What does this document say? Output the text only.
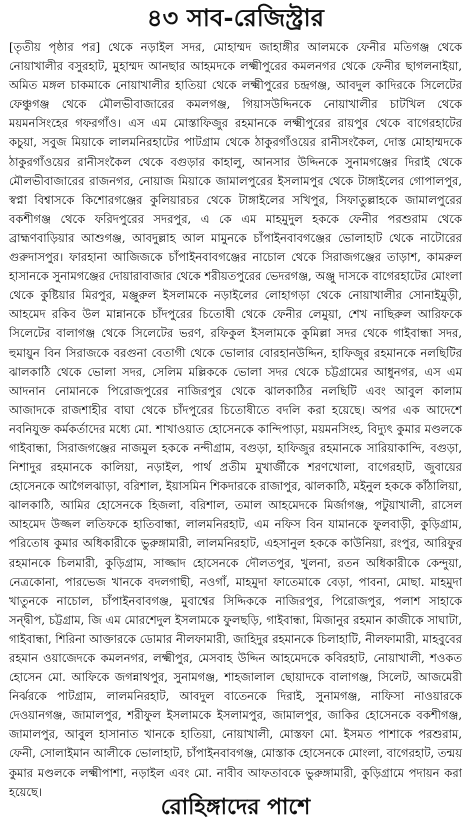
৪৩ সাব-রেজিস্ট্রার

[তৃতীয় পৃষ্ঠার পর] থেকে নড়াইল সদর, মোহাম্মদ জাহাঙ্গীর আলমকে ফেনীর মতিগঞ্জ থেকে নোয়াখালীর বসুরহাট, মুহাম্মদ আনছার আহমদকে লক্ষ্মীপুরের কমলনগর থেকে ফেনীর ছাগলনাইয়া, অমিত মঙ্গল চাকমাকে নোয়াখালীর হাতিয়া থেকে লক্ষ্মীপুরের চন্দ্রগঞ্জ, আবদুল কাদিরকে সিলেটের ফেঞ্চুগঞ্জ থেকে মৌলভীবাজারের কমলগঞ্জ, গিয়াসউদ্দিনকে নোয়াখালীর চাটখিল থেকে ময়মনসিংহের গফরগাঁও। এস এম মোস্তাফিজুর রহমানকে লক্ষ্মীপুরের রায়পুর থেকে বাগেরহাটের কচুয়া, সবুজ মিয়াকে লালমনিরহাটের পাটগ্রাম থেকে ঠাকুরগাঁওয়ের রানীসংকৈল, দোস্ত মোহাম্মদকে ঠাকুরগাঁওয়ের রানীসংকৈল থেকে বগুড়ার কাহালু, আনসার উদ্দিনকে সুনামগঞ্জের দিরাই থেকে মৌলভীবাজারের রাজনগর, নোয়াজ মিয়াকে জামালপুরের ইসলামপুর থেকে টাঙ্গাইলের গোপালপুর, স্বপ্না বিশ্বাসকে কিশোরগঞ্জের কুলিয়ারচর থেকে টাঙ্গাইলের সখিপুর, সিফাতুল্লাহকে জামালপুরের বকশীগঞ্জ থেকে ফরিদপুরের সদরপুর, এ কে এম মাহমুদুল হককে ফেনীর পরশুরাম থেকে ব্রাহ্মণবাড়িয়ার আশুগঞ্জ, আবদুল্লাহ আল মামুনকে চাঁপাইনবাবগঞ্জের ভোলাহাট থেকে নাটোরের গুরুদাসপুর। ফারহানা আজিজকে চাঁপাইনবাবগঞ্জের নাচোল থেকে সিরাজগঞ্জের তাড়াশ, কামরুল হাসানকে সুনামগঞ্জের দোয়ারাবাজার থেকে শরীয়তপুরের ভেদরগঞ্জ, অঞ্জু দাসকে বাগেরহাটের মোংলা থেকে কুষ্টিয়ার মিরপুর, মঞ্জুরুল ইসলামকে নড়াইলের লোহাগড়া থেকে নোয়াখালীর সোনাইমুড়ী, আহমেদ রকিব উল মান্নানকে চাঁদপুরের চিতোষী থেকে ফেনীর লেমুয়া, শেখ নাছিরুল আরিফকে সিলেটের বালাগঞ্জ থেকে সিলেটের ভরণ, রফিকুল ইসলামকে কুমিল্লা সদর থেকে গাইবান্ধা সদর, হুমায়ুন বিন সিরাজকে বরগুনা বেতাগী থেকে ভোলার বোরহানউদ্দিন, হাফিজুর রহমানকে নলছিটির ঝালকাঠি থেকে ভোলা সদর, সেলিম মল্লিককে ভোলা সদর থেকে চট্টগ্রামের আধুনগর, এস এম আদনান নোমানকে পিরোজপুরের নাজিরপুর থেকে ঝালকাঠির নলছিটি এবং আবুল কালাম আজাদকে রাজশাহীর বাঘা থেকে চাঁদপুরের চিতোষীতে বদলি করা হয়েছে। অপর এক আদেশে নবনিযুক্ত কর্মকর্তাদের মধ্যে মো. শাখাওয়াত হোসেনকে কান্দিপাড়া, ময়মনসিংহ, বিদ্যুৎ কুমার মণ্ডলকে গাইবান্ধা, সিরাজগঞ্জের নাজমুল হককে নন্দীগ্রাম, বগুড়া, হাফিজুর রহমানকে সারিয়াকান্দি, বগুড়া, নিশাদুর রহমানকে কালিয়া, নড়াইল, পার্থ প্রতীম মুখার্জীকে শরণখোলা, বাগেরহাট, জুবায়ের হোসেনকে আগৈলঝাড়া, বরিশাল, ইয়াসমিন শিকদারকে রাজাপুর, ঝালকাঠি, মইনুল হককে কাঁঠালিয়া, ঝালকাঠি, আমির হোসেনকে হিজলা, বরিশাল, তমাল আহমেদকে মির্জাগঞ্জ, পটুয়াখালী, রাসেল আহমেদ উজ্জল লতিফকে হাতিবান্ধা, লালমনিরহাট, এম নফিস বিন যামানকে ফুলবাড়ী, কুড়িগ্রাম, পরিতোষ কুমার অধিকারীকে ভুরুঙ্গামারী, লালমনিরহাট, এহসানুল হককে কাউনিয়া, রংপুর, আরিফুর রহমানকে চিলমারী, কুড়িগ্রাম, সাজ্জাদ হোসেনকে দৌলতপুর, খুলনা, রতন অধিকারীকে কেন্দুয়া, নেত্রকোনা, পারভেজ খানকে বদলগাছী, নওগাঁ, মাহমুদা ফাতেমাকে বেড়া, পাবনা, মোছা. মাহমুদা খাতুনকে নাচোল, চাঁপাইনবাবগঞ্জ, মুবাশ্বের সিদ্দিককে নাজিরপুর, পিরোজপুর, পলাশ সাহাকে সন্দ্বীপ, চট্টগ্রাম, জি এম মোরশেদুল ইসলামকে ফুলছড়ি, গাইবান্ধা, মিজানুর রহমান কাজীকে সাঘাটা, গাইবান্ধা, শিরিনা আক্তারকে ডোমার নীলফামারী, জাহিদুর রহমানকে চিলাহাটি, নীলফামারী, মাহবুবের রহমান ওয়াজেদকে কমলনগর, লক্ষ্মীপুর, মেসবাহ উদ্দিন আহমেদকে কবিরহাট, নোয়াখালী, শওকত হোসেন মো. আফিকে জগন্নাথপুর, সুনামগঞ্জ, শাহজালাল ছোয়াদকে বালাগঞ্জ, সিলেট, আজমেরী নির্ঝরকে পাটগ্রাম, লালমনিরহাট, আবদুল বাতেনকে দিরাই, সুনামগঞ্জ, নাফিসা নাওয়ারকে দেওয়ানগঞ্জ, জামালপুর, শরীফুল ইসলামকে ইসলামপুর, জামালপুর, জাকির হোসেনকে বকশীগঞ্জ, জামালপুর, আবুল হাসানাত খানকে হাতিয়া, নোয়াখালী, মোস্তফা মো. ইসমত পাশাকে পরশুরাম, ফেনী, সোলাইমান আলীকে ভোলাহাট, চাঁপাইনবাবগঞ্জ, মোস্তাক হোসেনকে মোংলা, বাগেরহাট, তন্ময় কুমার মণ্ডলকে লক্ষ্মীপাশা, নড়াইল এবং মো. নাবীব আফতাবকে ভুরুঙ্গামারী, কুড়িগ্রামে পদায়ন করা হয়েছে।

রোহিঙ্গাদের পাশে
